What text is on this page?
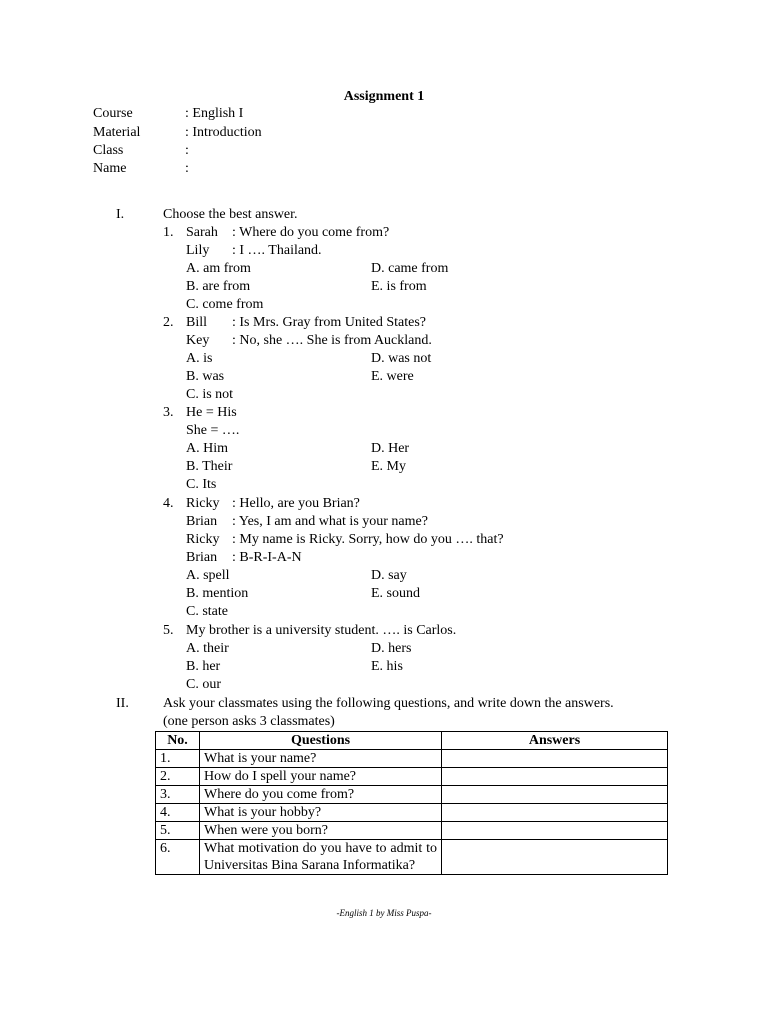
Assignment 1
Course	: English I
Material	: Introduction
Class	:
Name	:
I.	Choose the best answer.
1. Sarah : Where do you come from?
Lily : I …. Thailand.
A. am from	D. came from
B. are from	E. is from
C. come from
2. Bill : Is Mrs. Gray from United States?
Key : No, she …. She is from Auckland.
A. is	D. was not
B. was	E. were
C. is not
3. He = His
She = ….
A. Him	D. Her
B. Their	E. My
C. Its
4. Ricky : Hello, are you Brian?
Brian : Yes, I am and what is your name?
Ricky : My name is Ricky. Sorry, how do you …. that?
Brian : B-R-I-A-N
A. spell	D. say
B. mention	E. sound
C. state
5. My brother is a university student. …. is Carlos.
A. their	D. hers
B. her	E. his
C. our
II. Ask your classmates using the following questions, and write down the answers.
(one person asks 3 classmates)
No.	Questions	Answers
1.	What is your name?	
2.	How do I spell your name?	
3.	Where do you come from?	
4.	What is your hobby?	
5.	When were you born?	
6.	What motivation do you have to admit to Universitas Bina Sarana Informatika?	
-English 1 by Miss Puspa-
